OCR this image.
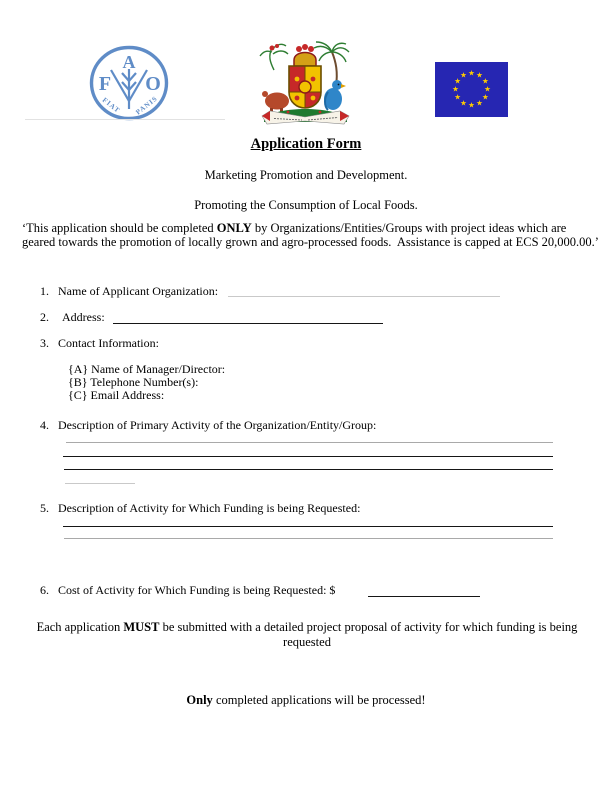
F
A
O
FIAT PANIS
★ ★
★
★
★
★
★
★
★
★
★
★
Application Form
Marketing Promotion and Development.
Promoting the Consumption of Local Foods.
‘This application should be completed ONLY by Organizations/Entities/Groups with project ideas which are geared towards the promotion of locally grown and agro-processed foods.  Assistance is capped at ECS 20,000.00.’
1. Name of Applicant Organization:
2. Address:
3. Contact Information:
{A} Name of Manager/Director:
{B} Telephone Number(s):
{C} Email Address:
4. Description of Primary Activity of the Organization/Entity/Group:
5. Description of Activity for Which Funding is being Requested:
6. Cost of Activity for Which Funding is being Requested: $
Each application MUST be submitted with a detailed project proposal of activity for which funding is being requested
Only completed applications will be processed!
